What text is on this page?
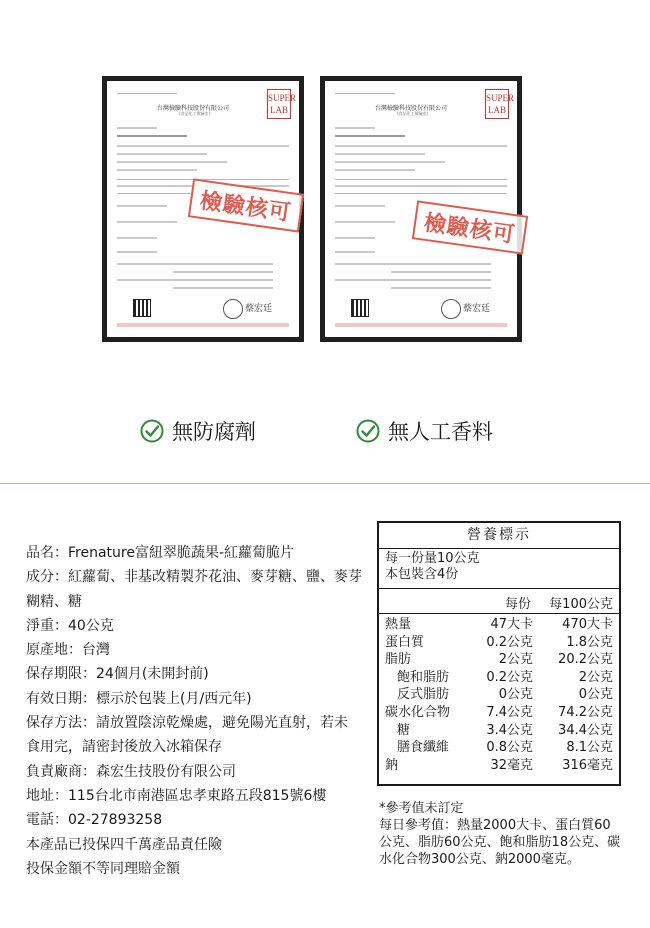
台灣檢驗科技股份有限公司
(食品化工實驗室)
SUPER
LAB
蔡宏廷
檢驗核可
台灣檢驗科技股份有限公司
(食品化工實驗室)
SUPER
LAB
蔡宏廷
檢驗核可
無防腐劑	無人工香料
品名：Frenature富紐翠脆蔬果-紅蘿蔔脆片
成分：紅蘿蔔、非基改精製芥花油、麥芽糖、鹽、麥芽
糊精、糖
淨重：40公克
原產地：台灣
保存期限：24個月(未開封前)
有效日期：標示於包裝上(月/西元年)
保存方法：請放置陰涼乾燥處，避免陽光直射，若未
食用完，請密封後放入冰箱保存
負責廠商：森宏生技股份有限公司
地址：115台北市南港區忠孝東路五段815號6樓
電話：02-27893258
本產品已投保四千萬產品責任險
投保金額不等同理賠金額
營養標示
每一份量10公克
本包裝含4份
每份 每100公克
熱量	47大卡 470大卡
蛋白質	0.2公克	1.8公克
脂肪	2公克 20.2公克
飽和脂肪	0.2公克	2公克
反式脂肪	0公克	0公克
碳水化合物	7.4公克 74.2公克
糖	3.4公克 34.4公克
膳食纖維	0.8公克	8.1公克
鈉	32毫克 316毫克
*參考值未訂定
每日參考值：熱量2000大卡、蛋白質60公克、脂肪60公克、飽和脂肪18公克、碳水化合物300公克、鈉2000毫克。
